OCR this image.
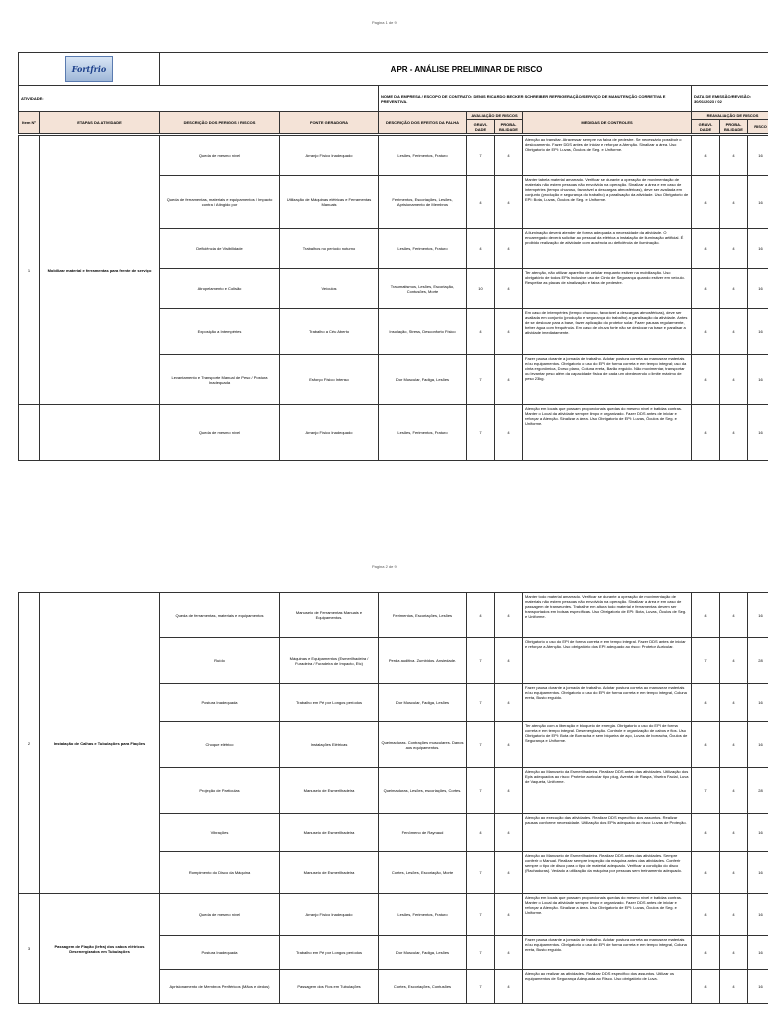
Pagina 1 de 9
Fortfrio		APR - ANÁLISE PRELIMINAR DE RISCO								
ATIVIDADE:				NOME DA EMPRESA / ESCOPO DE CONTRATO: DENIS RICARDO BECKER SCHREIBER REFRIGERAÇÃO/SERVIÇO DE MANUTENÇÃO CORRETIVA E PREVENTIVA.				DATA DE EMISSÃO/REVISÃO: 30/01/2023 / 02		
Item Nº	ETAPAS DA ATIVIDADE	DESCRIÇÃO DOS PERIGOS / RISCOS	FONTE GERADORA	DESCRIÇÃO DOS EFEITOS DA FALHA	AVALIAÇÃO DE RISCOS		MEDIDAS DE CONTROLES	REAVALIAÇÃO DE RISCOS		
					GRAVI-DADE	PROBA-BILIDADE		GRAVI-DADE	PROBA-BILIDADE	RISCO
1	Mobilizar material e ferramentas para frente de serviço	Queda de mesmo nível	Arranjo Físico Inadequado	Lesões, Ferimentos, Fraturo	7	4	Atenção ao transitar. Atravessar sempre na faixa de pedestre. Se necessário possibuir o deslocamento. Fazer DDS antes de iniciar e reforçar a Atenção. Sinalizar a área. Uso Obrigatorio de EPI: Luvas, Óculos de Seg. e Uniforme.	4	4	16
		Queda de ferramentas, materiais e equipamentos / Impacto contra / Atingido por	Utilização de Máquinas elétricas e Ferramentas Manuais	Ferimentos, Escoriações, Lesões, Aprisionamento de Membros	4	4	Manter tabela material amarrado. Verificar se durante a operação de movimentação de materiais não estem pessoas não envolvida na operação. Sinalizar a área e em caso de intempéries (tempo chuvoso, favorável a descargas atmosféricas), deve ser avaliada em conjunto (produção e segurança do trabalho) a paralisação da atividade. Uso Obrigatorio de EPI: Bota, Luvas, Óculos de Seg. e Uniforme.	4	4	16
		Deficiência de Visibilidade	Trabalhos no período noturno	Lesões, Ferimentos, Fraturo	4	4	A iluminação deverá atender de forma adequada a necessidade da atividade. O encarregado deverá solicitar ao pessoal da elétrica a instalação de iluminação artificial. É proibido realização de atividade com ausência ou deficiência de iluminação.	4	4	16
		Atropelamento e Colisão	Veículos	Traumatismos, Lesões, Escoriação, Contusões, Morte	10	4	Ter atenção, não utilizar aparelho de celular enquanto estiver na mobilização. Uso obrigatório de todos EPIs inclusive uso de Cinto de Segurança quando estiver em veículo. Respeitar as placas de sinalização e faixa de pedestre.	4	4	16
		Exposição a Intempéries	Trabalho a Céu Aberto	Insolação, Stress, Desconforto Físico	4	4	Em caso de intempéries (tempo chuvoso, favorável a descargas atmosféricas), deve ser avaliada em conjunto (produção e segurança do trabalho) a paralisação da atividade. Antes de se deslocar para a base, fazer aplicação do protetor solar. Fazer pausas regularmente, beber água com frequência. Em caso de chuva forte não se deslocar na base e paralisar a atividade imediatamente.	4	4	16
		Levantamento e Transporte Manual de Peso / Postura Inadequada	Esforço Físico Intenso	Dor Muscular, Fadiga, Lesões	7	4	Fazer pausa durante a jornada de trabalho. Adotar postura correta ao manusear materiais e/ou equipamentos. Obrigatorio o uso do EPI de forma correta e em tempo integral; uso da cinta ergonômica, Dorso plano, Coluna ereta, Barão erguido. Não movimentar, transportar ou levantar peso além da capacidade física de cada um obedecendo o limite máximo de peso 23kg.	4	4	16
		Queda de mesmo nível	Arranjo Físico Inadequado	Lesões, Ferimentos, Fraturo	7	4	Atenção em locais que possam proporcionais quedas do mesmo nível e batidas contras. Manter o Local da atividade sempre limpo e organizado. Fazer DDS antes de iniciar e reforçar a Atenção. Sinalizar a área. Uso Obrigatorio de EPI: Luvas, Óculos de Seg. e Uniforme.	4	4	16
Pagina 2 de 9
2	Instalação de Calhas e Tubulações para Fiações	Queda de ferramentas, materiais e equipamentos	Manuseio de Ferramentas Manuais e Equipamentos.	Ferimentos, Escoriações, Lesões	4	4	Manter todo material amarrado. Verificar se durante a operação de movimentação de materiais não estem pessoas não envolvida na operação. Sinalizar a área e em caso de passagem de transeuntes. Trabalhe em altura todo material e ferramentas devem ser transportados em bolsas específicas. Uso Obrigatorio de EPI: Bota, Luvas, Óculos de Seg. e Uniforme.	4	4	16
		Ruído	Máquinas e Equipamentos (Esmerilhadeira / Furadeira / Furadeira de Impacto, Etc)	Perda auditiva. Zumbidos. Ansiedade.	7	4	Obrigatorio o uso do EPI de forma correta e em tempo integral. Fazer DDS antes de iniciar e reforçar a Atenção. Uso obrigatório dos EPI adequado ao risco: Protetor Auricular.	7	4	28
		Postura Inadequada	Trabalho em Pé por Longos períodos	Dor Muscular, Fadiga, Lesões	7	4	Fazer pausa durante a jornada de trabalho. Adotar postura correta ao manusear materiais e/ou equipamentos. Obrigatorio o uso do EPI de forma correta e em tempo integral, Coluna ereta, Busto erguido.	4	4	16
		Choque elétrico	Instalações Elétricas	Queimaduras. Contrações musculares. Danos aos equipamentos.	7	4	Ter atenção com a liberação e bloqueio de energia. Obrigatorio o uso do EPI de forma correta e em tempo integral. Desenergização. Controle e organização de cabos e fios. Uso Obrigatorio de EPI: Bota de Borracha e sem biqueira de aço, Luvas de borracha, Óculos de Segurança e Uniforme.	4	4	16
		Projeção de Partículas	Manuseio de Esmerilhadeira	Queimaduras, Lesões, escoriações, Cortes.	7	4	Atenção ao Manuseio da Esmerilhadeira. Realizar DDS antes das atividades. Utilização dos Epis adequados ao risco: Protetor auricular tipo plug, Avental de Raspa, Viseira Facial, Luva de Vaqueta, Uniforme.	7	4	28
		Vibrações	Manuseio de Esmerilhadeira	Fenômeno de Raynaud	4	4	Atenção ao execução das atividades. Realizar DDS específico dos assuntos. Realizar pausas conforme necessidade. Utilização dos EPIs adequado ao risco: Luvas de Proteção.	4	4	16
		Rompimento do Disco da Máquina	Manuseio de Esmerilhadeira	Cortes, Lesões, Escoriação, Morte	7	4	Atenção ao Manuseio de Esmerilhadeira. Realizar DDS antes das atividades. Sempre conferir o Manual. Realizar sempre inspeção da máquina antes das atividades. Conferir sempre o tipo de disco para o tipo de material adequado. Verificar a condição do disco (Rachaduras). Vedado a utilização da máquina por pessoas sem treinamento adequado.	4	4	16
3	Passagem de Fiação (lefra) dos cabos elétricos Desenergizados em Tubulações	Queda de mesmo nível	Arranjo Físico Inadequado	Lesões, Ferimentos, Fraturo	7	4	Atenção em locais que possam proporcionais quedas do mesmo nível e batidas contras. Manter o Local da atividade sempre limpo e organizado. Fazer DDS antes de iniciar e reforçar a Atenção. Sinalizar a área. Uso Obrigatorio de EPI: Luvas, Óculos de Seg. e Uniforme.	4	4	16
		Postura Inadequada	Trabalho em Pé por Longos períodos	Dor Muscular, Fadiga, Lesões	7	4	Fazer pausa durante a jornada de trabalho. Adotar postura correta ao manusear materiais e/ou equipamentos. Obrigatorio o uso do EPI de forma correta e em tempo integral, Coluna ereta, Busto erguido.	4	4	16
		Aprisionamento de Membros Periféricos (Mãos e dedos)	Passagem dos Fios em Tubulações	Cortes, Escoriações, Contusões	7	4	Atenção ao realizar as atividades. Realizar DDS específico dos assuntos. Utilizar os equipamentos de Segurança Adequada ao Risco. Uso obrigatório de Luva.	4	4	16
